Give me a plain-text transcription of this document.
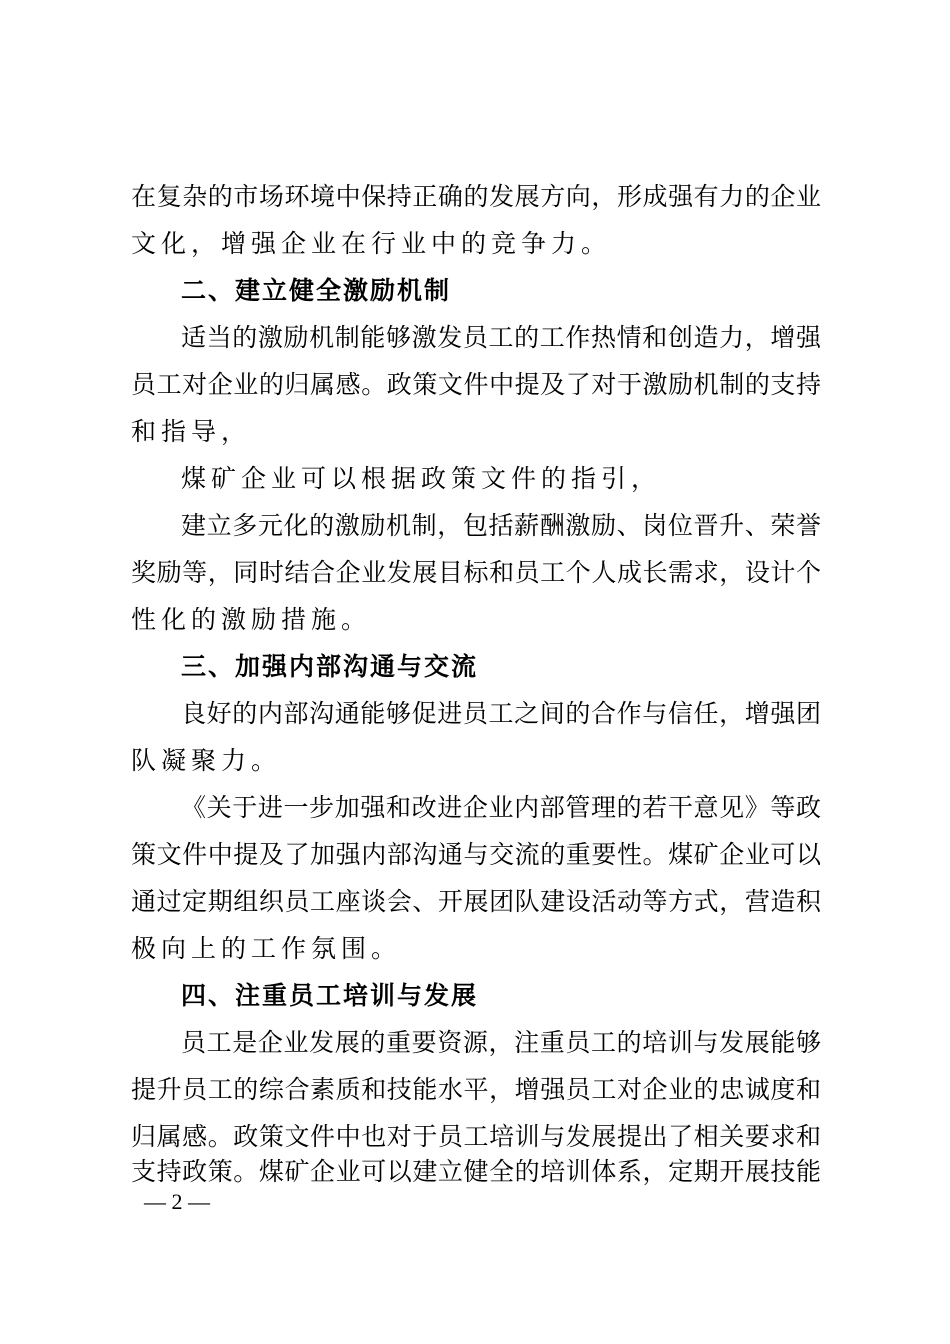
在复杂的市场环境中保持正确的发展方向，形成强有力的企业
文化，增强企业在行业中的竞争力。
二、建立健全激励机制
适当的激励机制能够激发员工的工作热情和创造力，增强
员工对企业的归属感。政策文件中提及了对于激励机制的支持
和指导，
煤矿企业可以根据政策文件的指引，
建立多元化的激励机制，包括薪酬激励、岗位晋升、荣誉
奖励等，同时结合企业发展目标和员工个人成长需求，设计个
性化的激励措施。
三、加强内部沟通与交流
良好的内部沟通能够促进员工之间的合作与信任，增强团
队凝聚力。
《关于进一步加强和改进企业内部管理的若干意见》等政
策文件中提及了加强内部沟通与交流的重要性。煤矿企业可以
通过定期组织员工座谈会、开展团队建设活动等方式，营造积
极向上的工作氛围。
四、注重员工培训与发展
员工是企业发展的重要资源，注重员工的培训与发展能够
提升员工的综合素质和技能水平，增强员工对企业的忠诚度和
归属感。政策文件中也对于员工培训与发展提出了相关要求和
支持政策。煤矿企业可以建立健全的培训体系，定期开展技能
— 2 —
